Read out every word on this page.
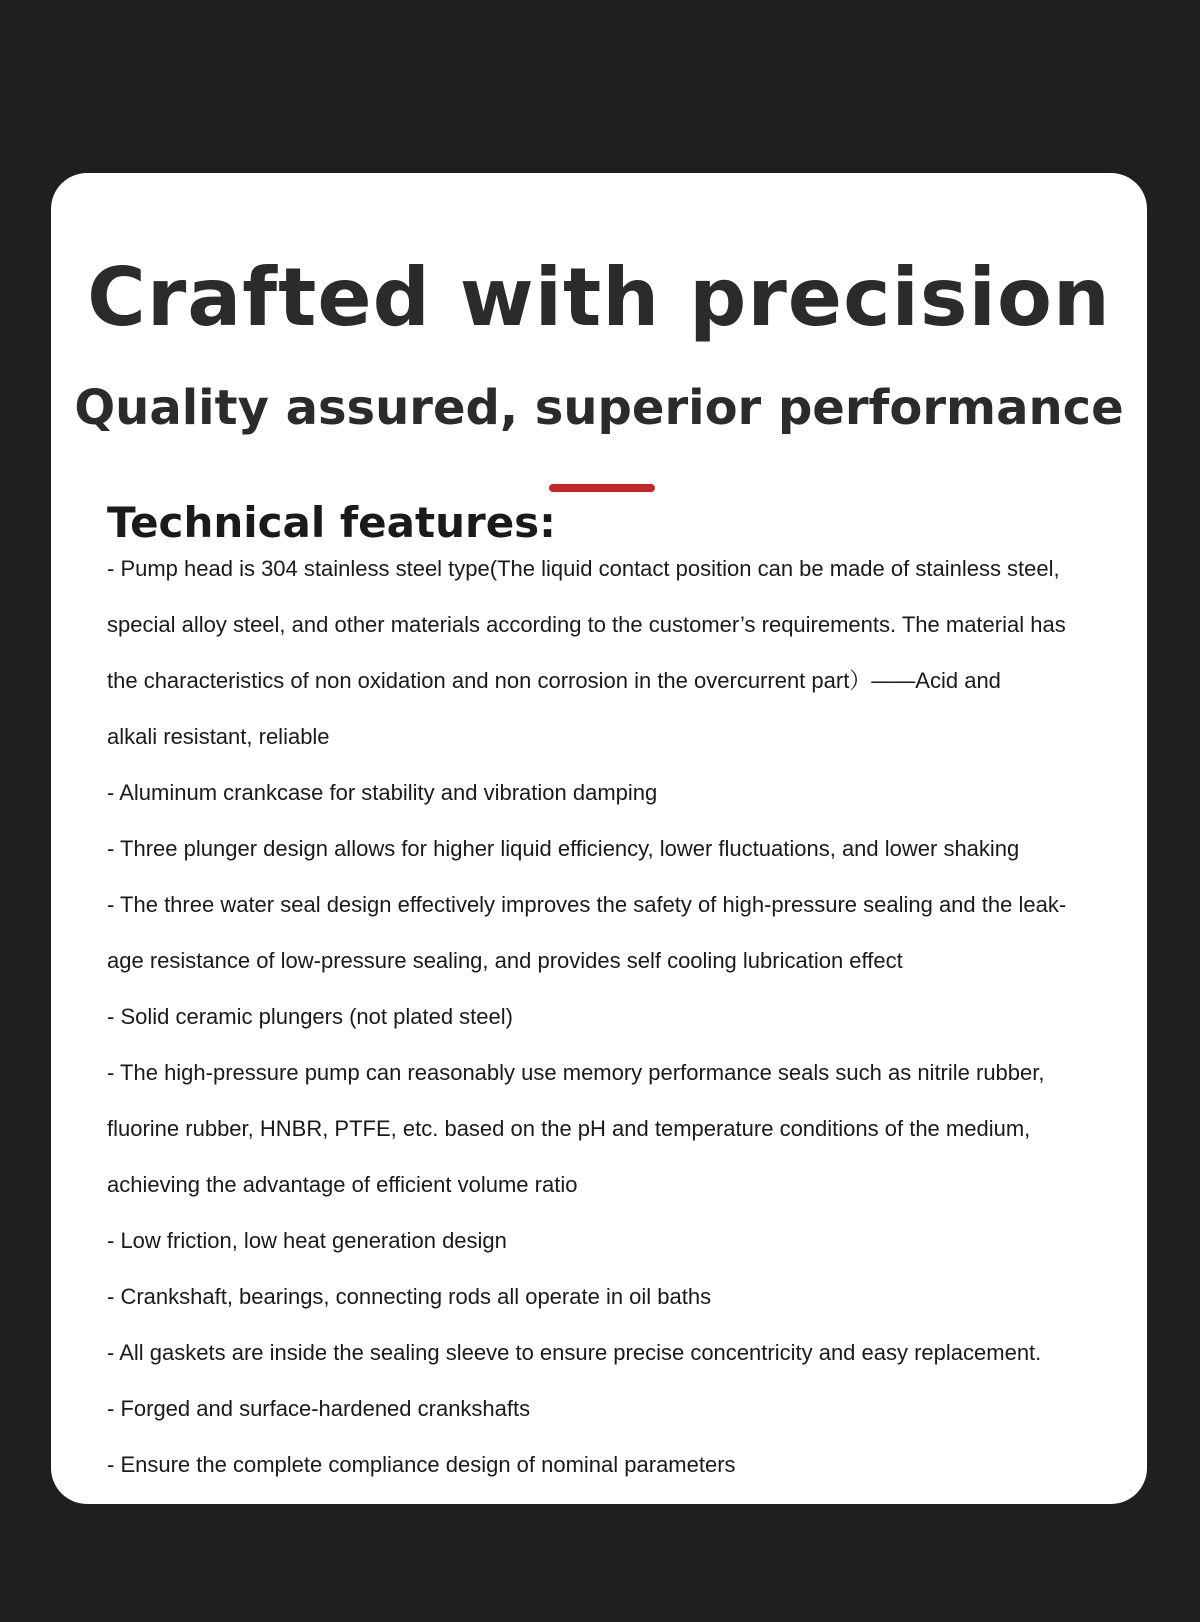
Crafted with precision
Quality assured, superior performance
Technical features:
- Pump head is 304 stainless steel type(The liquid contact position can be made of stainless steel,
special alloy steel, and other materials according to the customer’s requirements. The material has
the characteristics of non oxidation and non corrosion in the overcurrent part）——Acid and
alkali resistant, reliable
- Aluminum crankcase for stability and vibration damping
- Three plunger design allows for higher liquid efficiency, lower fluctuations, and lower shaking
- The three water seal design effectively improves the safety of high-pressure sealing and the leak-
age resistance of low-pressure sealing, and provides self cooling lubrication effect
- Solid ceramic plungers (not plated steel)
- The high-pressure pump can reasonably use memory performance seals such as nitrile rubber,
fluorine rubber, HNBR, PTFE, etc. based on the pH and temperature conditions of the medium,
achieving the advantage of efficient volume ratio
- Low friction, low heat generation design
- Crankshaft, bearings, connecting rods all operate in oil baths
- All gaskets are inside the sealing sleeve to ensure precise concentricity and easy replacement.
- Forged and surface-hardened crankshafts
- Ensure the complete compliance design of nominal parameters
